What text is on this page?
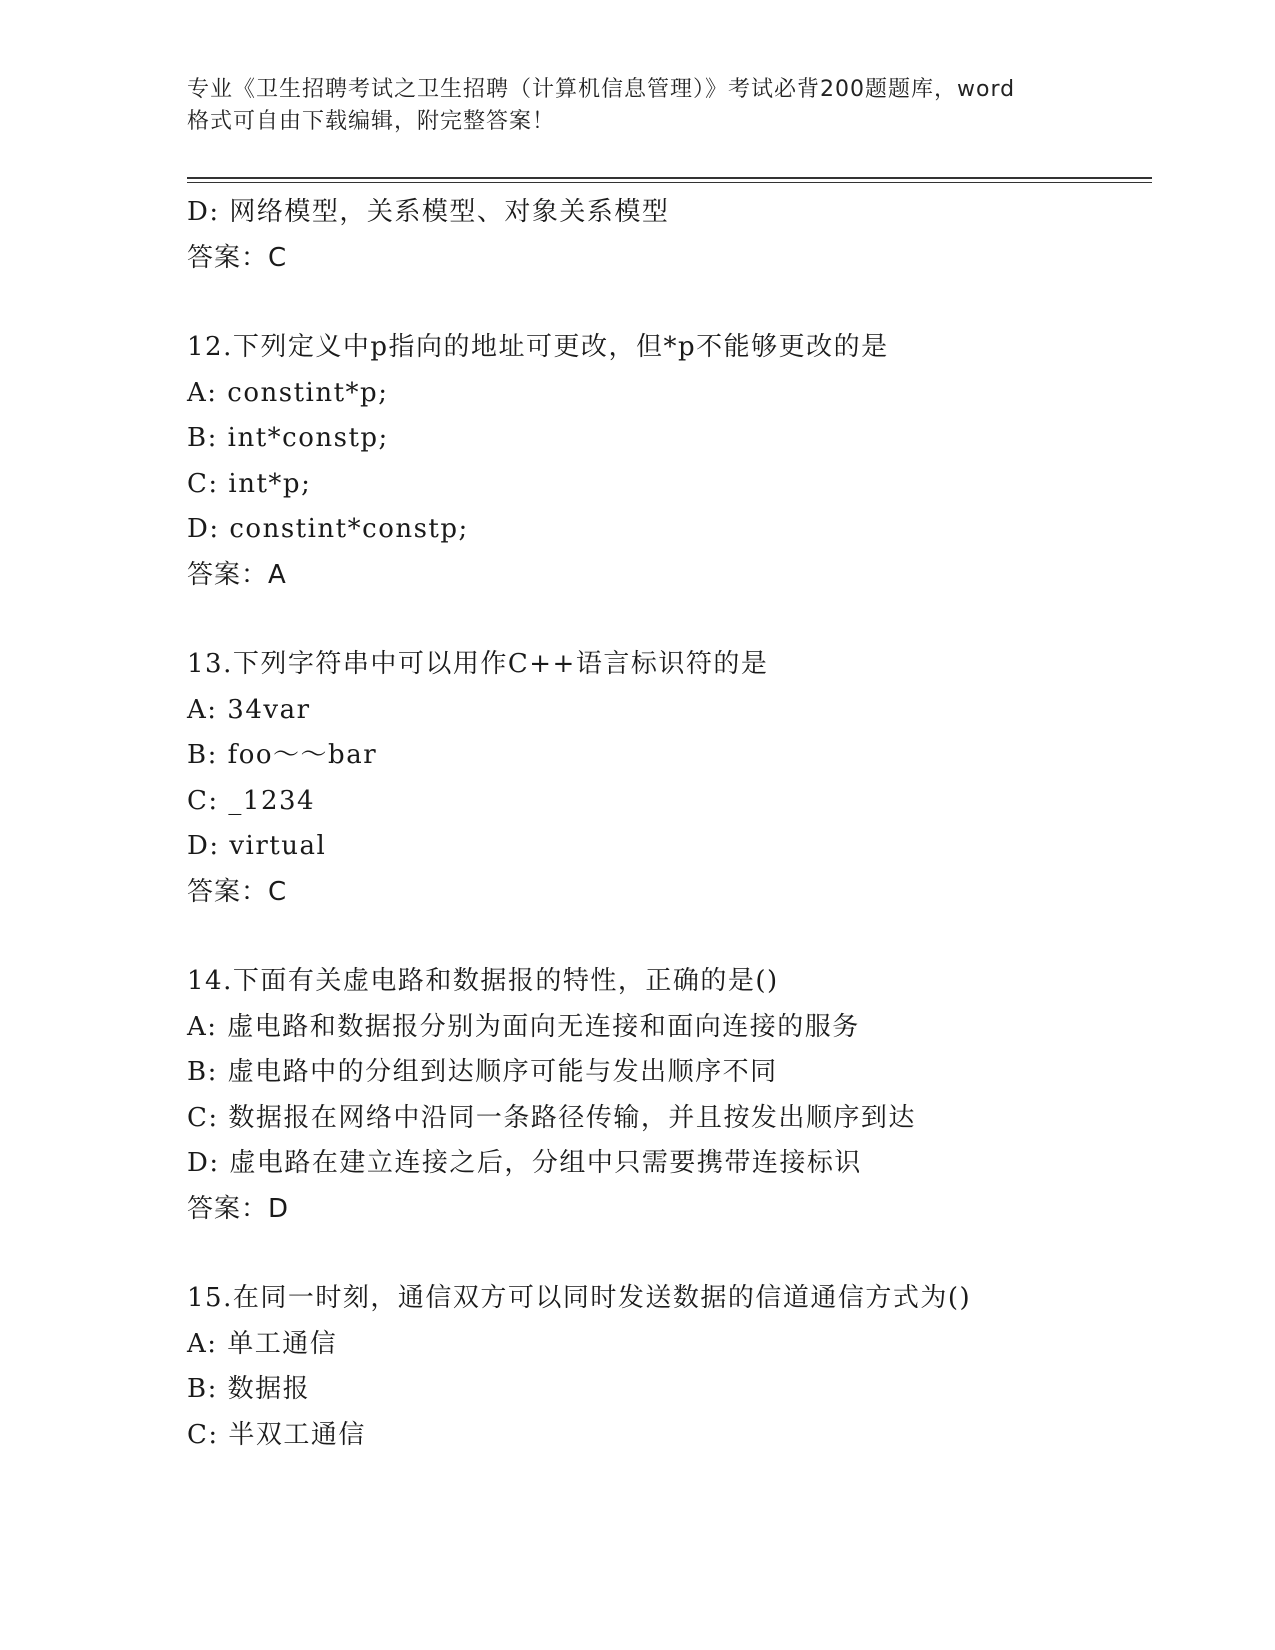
专业《卫生招聘考试之卫生招聘（计算机信息管理）》考试必背200题题库，word
格式可自由下载编辑，附完整答案！
D: 网络模型，关系模型、对象关系模型
答案：C
12.下列定义中p指向的地址可更改，但*p不能够更改的是
A: constint*p;
B: int*constp;
C: int*p;
D: constint*constp;
答案：A
13.下列字符串中可以用作C++语言标识符的是
A: 34var
B: foo～～bar
C: _1234
D: virtual
答案：C
14.下面有关虚电路和数据报的特性，正确的是()
A: 虚电路和数据报分别为面向无连接和面向连接的服务
B: 虚电路中的分组到达顺序可能与发出顺序不同
C: 数据报在网络中沿同一条路径传输，并且按发出顺序到达
D: 虚电路在建立连接之后，分组中只需要携带连接标识
答案：D
15.在同一时刻，通信双方可以同时发送数据的信道通信方式为()
A: 单工通信
B: 数据报
C: 半双工通信
